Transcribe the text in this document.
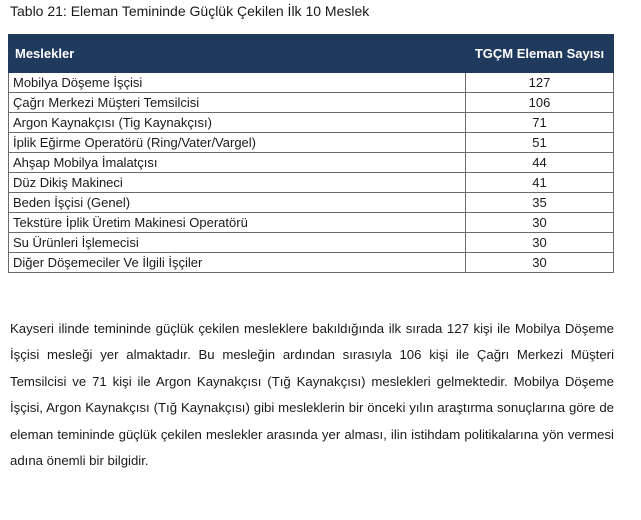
Tablo 21: Eleman Temininde Güçlük Çekilen İlk 10 Meslek
Meslekler	TGÇM Eleman Sayısı
Mobilya Döşeme İşçisi	127
Çağrı Merkezi Müşteri Temsilcisi	106
Argon Kaynakçısı (Tig Kaynakçısı)	71
İplik Eğirme Operatörü (Ring/Vater/Vargel)	51
Ahşap Mobilya İmalatçısı	44
Düz Dikiş Makineci	41
Beden İşçisi (Genel)	35
Tekstüre İplik Üretim Makinesi Operatörü	30
Su Ürünleri İşlemecisi	30
Diğer Döşemeciler Ve İlgili İşçiler	30

Kayseri ilinde temininde güçlük çekilen mesleklere bakıldığında ilk sırada 127 kişi ile Mobilya Döşeme İşçisi mesleği yer almaktadır. Bu mesleğin ardından sırasıyla 106 kişi ile Çağrı Merkezi Müşteri Temsilcisi ve 71 kişi ile Argon Kaynakçısı (Tığ Kaynakçısı) meslekleri gelmektedir. Mobilya Döşeme İşçisi, Argon Kaynakçısı (Tığ Kaynakçısı) gibi mesleklerin bir önceki yılın araştırma sonuçlarına göre de eleman temininde güçlük çekilen meslekler arasında yer alması, ilin istihdam politikalarına yön vermesi adına önemli bir bilgidir.
